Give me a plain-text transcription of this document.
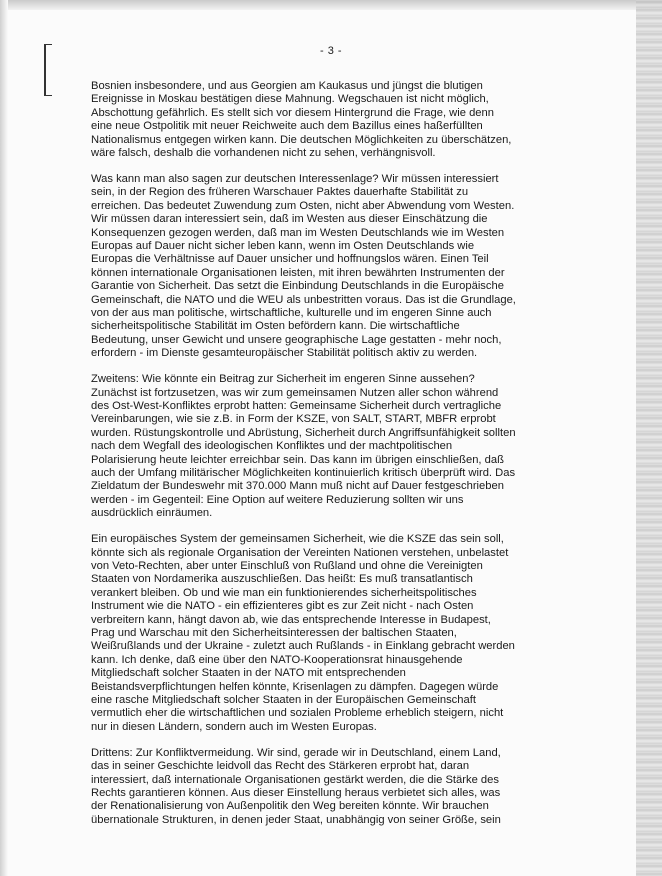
- 3 -

Bosnien insbesondere, und aus Georgien am Kaukasus und jüngst die blutigen
Ereignisse in Moskau bestätigen diese Mahnung. Wegschauen ist nicht möglich,
Abschottung gefährlich. Es stellt sich vor diesem Hintergrund die Frage, wie denn
eine neue Ostpolitik mit neuer Reichweite auch dem Bazillus eines haßerfüllten
Nationalismus entgegen wirken kann. Die deutschen Möglichkeiten zu überschätzen,
wäre falsch, deshalb die vorhandenen nicht zu sehen, verhängnisvoll.

Was kann man also sagen zur deutschen Interessenlage? Wir müssen interessiert
sein, in der Region des früheren Warschauer Paktes dauerhafte Stabilität zu
erreichen. Das bedeutet Zuwendung zum Osten, nicht aber Abwendung vom Westen.
Wir müssen daran interessiert sein, daß im Westen aus dieser Einschätzung die
Konsequenzen gezogen werden, daß man im Westen Deutschlands wie im Westen
Europas auf Dauer nicht sicher leben kann, wenn im Osten Deutschlands wie
Europas die Verhältnisse auf Dauer unsicher und hoffnungslos wären. Einen Teil
können internationale Organisationen leisten, mit ihren bewährten Instrumenten der
Garantie von Sicherheit. Das setzt die Einbindung Deutschlands in die Europäische
Gemeinschaft, die NATO und die WEU als unbestritten voraus. Das ist die Grundlage,
von der aus man politische, wirtschaftliche, kulturelle und im engeren Sinne auch
sicherheitspolitische Stabilität im Osten befördern kann. Die wirtschaftliche
Bedeutung, unser Gewicht und unsere geographische Lage gestatten - mehr noch,
erfordern - im Dienste gesamteuropäischer Stabilität politisch aktiv zu werden.

Zweitens: Wie könnte ein Beitrag zur Sicherheit im engeren Sinne aussehen?
Zunächst ist fortzusetzen, was wir zum gemeinsamen Nutzen aller schon während
des Ost-West-Konfliktes erprobt hatten: Gemeinsame Sicherheit durch vertragliche
Vereinbarungen, wie sie z.B. in Form der KSZE, von SALT, START, MBFR erprobt
wurden. Rüstungskontrolle und Abrüstung, Sicherheit durch Angriffsunfähigkeit sollten
nach dem Wegfall des ideologischen Konfliktes und der machtpolitischen
Polarisierung heute leichter erreichbar sein. Das kann im übrigen einschließen, daß
auch der Umfang militärischer Möglichkeiten kontinuierlich kritisch überprüft wird. Das
Zieldatum der Bundeswehr mit 370.000 Mann muß nicht auf Dauer festgeschrieben
werden - im Gegenteil: Eine Option auf weitere Reduzierung sollten wir uns
ausdrücklich einräumen.

Ein europäisches System der gemeinsamen Sicherheit, wie die KSZE das sein soll,
könnte sich als regionale Organisation der Vereinten Nationen verstehen, unbelastet
von Veto-Rechten, aber unter Einschluß von Rußland und ohne die Vereinigten
Staaten von Nordamerika auszuschließen. Das heißt: Es muß transatlantisch
verankert bleiben. Ob und wie man ein funktionierendes sicherheitspolitisches
Instrument wie die NATO - ein effizienteres gibt es zur Zeit nicht - nach Osten
verbreitern kann, hängt davon ab, wie das entsprechende Interesse in Budapest,
Prag und Warschau mit den Sicherheitsinteressen der baltischen Staaten,
Weißrußlands und der Ukraine - zuletzt auch Rußlands - in Einklang gebracht werden
kann. Ich denke, daß eine über den NATO-Kooperationsrat hinausgehende
Mitgliedschaft solcher Staaten in der NATO mit entsprechenden
Beistandsverpflichtungen helfen könnte, Krisenlagen zu dämpfen. Dagegen würde
eine rasche Mitgliedschaft solcher Staaten in der Europäischen Gemeinschaft
vermutlich eher die wirtschaftlichen und sozialen Probleme erheblich steigern, nicht
nur in diesen Ländern, sondern auch im Westen Europas.

Drittens: Zur Konfliktvermeidung. Wir sind, gerade wir in Deutschland, einem Land,
das in seiner Geschichte leidvoll das Recht des Stärkeren erprobt hat, daran
interessiert, daß internationale Organisationen gestärkt werden, die die Stärke des
Rechts garantieren können. Aus dieser Einstellung heraus verbietet sich alles, was
der Renationalisierung von Außenpolitik den Weg bereiten könnte. Wir brauchen
übernationale Strukturen, in denen jeder Staat, unabhängig von seiner Größe, sein
